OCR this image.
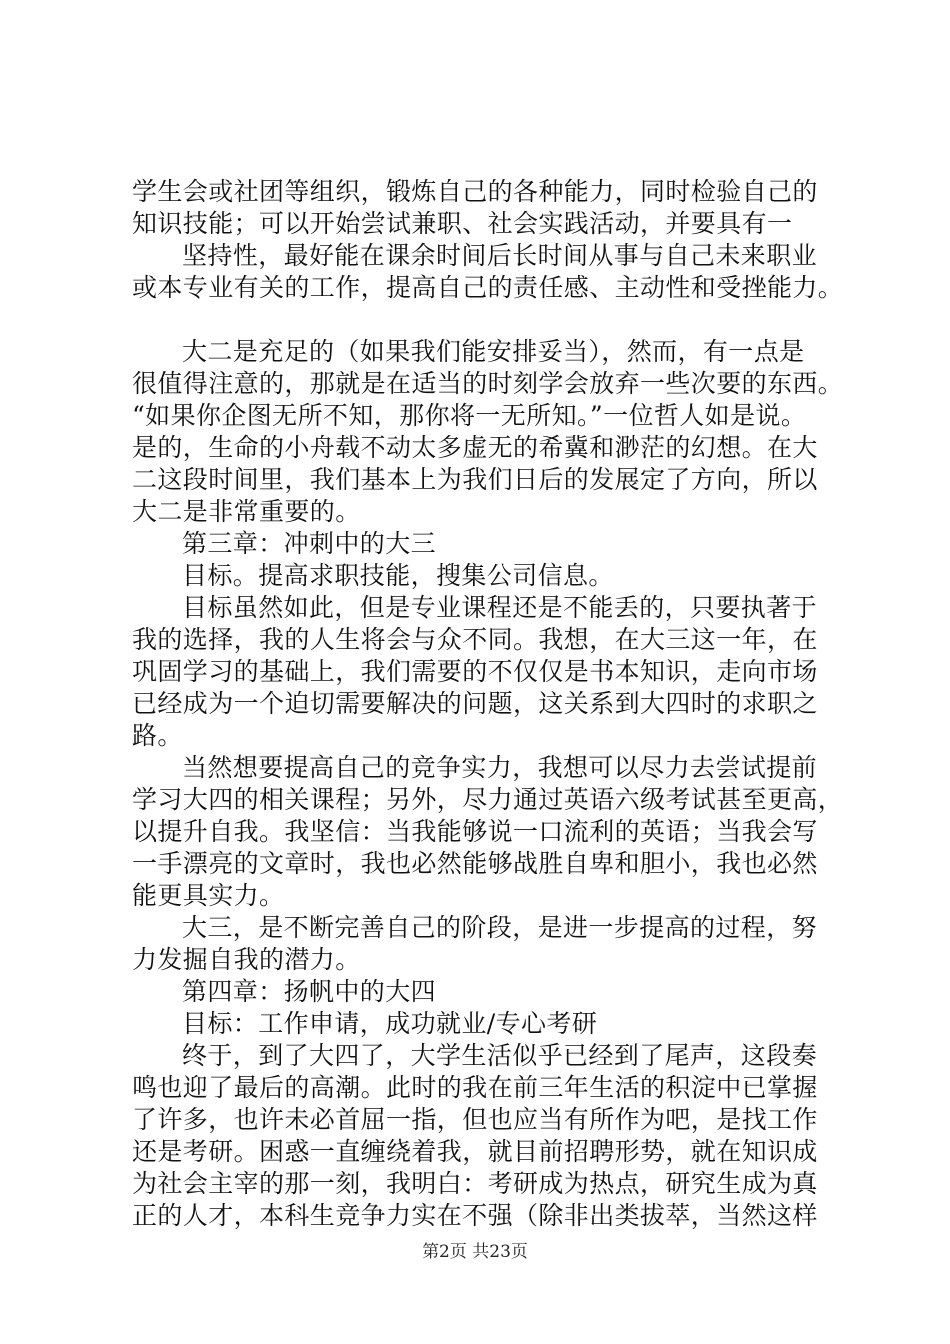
学生会或社团等组织，锻炼自己的各种能力，同时检验自己的
知识技能；可以开始尝试兼职、社会实践活动，并要具有一
坚持性，最好能在课余时间后长时间从事与自己未来职业
或本专业有关的工作，提高自己的责任感、主动性和受挫能力。
大二是充足的（如果我们能安排妥当），然而，有一点是
很值得注意的，那就是在适当的时刻学会放弃一些次要的东西。
“如果你企图无所不知，那你将一无所知。”一位哲人如是说。
是的，生命的小舟载不动太多虚无的希冀和渺茫的幻想。在大
二这段时间里，我们基本上为我们日后的发展定了方向，所以
大二是非常重要的。
第三章：冲刺中的大三
目标。提高求职技能，搜集公司信息。
目标虽然如此，但是专业课程还是不能丢的，只要执著于
我的选择，我的人生将会与众不同。我想，在大三这一年，在
巩固学习的基础上，我们需要的不仅仅是书本知识，走向市场
已经成为一个迫切需要解决的问题，这关系到大四时的求职之
路。
当然想要提高自己的竞争实力，我想可以尽力去尝试提前
学习大四的相关课程；另外，尽力通过英语六级考试甚至更高，
以提升自我。我坚信：当我能够说一口流利的英语；当我会写
一手漂亮的文章时，我也必然能够战胜自卑和胆小，我也必然
能更具实力。
大三，是不断完善自己的阶段，是进一步提高的过程，努
力发掘自我的潜力。
第四章：扬帆中的大四
目标：工作申请，成功就业/专心考研
终于，到了大四了，大学生活似乎已经到了尾声，这段奏
鸣也迎了最后的高潮。此时的我在前三年生活的积淀中已掌握
了许多，也许未必首屈一指，但也应当有所作为吧，是找工作
还是考研。困惑一直缠绕着我，就目前招聘形势，就在知识成
为社会主宰的那一刻，我明白：考研成为热点，研究生成为真
正的人才，本科生竞争力实在不强（除非出类拔萃，当然这样
第2页 共23页
